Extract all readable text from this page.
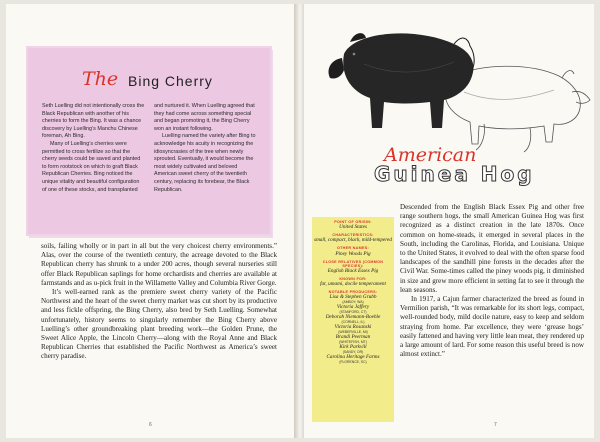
The Bing Cherry

Seth Luelling did not intentionally cross the Black Republican with another of his cherries to form the Bing. It was a chance discovery by Luelling’s Manchu Chinese foreman, Ah Bing.

Many of Luelling’s cherries were permitted to cross fertilize so that the cherry seeds could be saved and planted to form rootstock on which to graft Black Republican Cherries. Bing noticed the unique vitality and beautiful configuration of one of these stocks, and transplanted

and nurtured it. When Luelling agreed that they had come across something special and began promoting it, the Bing Cherry won an instant following.

Luelling named the variety after Bing to acknowledge his acuity in recognizing the idiosyncrasies of the tree when newly sprouted. Eventually, it would become the most widely cultivated and beloved American sweet cherry of the twentieth century, replacing its forebear, the Black Republican.

soils, failing wholly or in part in all but the very choicest cherry environments.” Alas, over the course of the twentieth century, the acreage devoted to the Black Republican cherry has shrunk to a under 200 acres, though several nurseries still offer Black Republican saplings for home orchardists and cherries are available at farmstands and as u-pick fruit in the Willamette Valley and Columbia River Gorge.

It’s well-earned rank as the premiere sweet cherry variety of the Pacific Northwest and the heart of the sweet cherry market was cut short by its productive and less fickle offspring, the Bing Cherry, also bred by Seth Luelling. Somewhat unfortunately, history seems to singularly remember the Bing Cherry above Luelling’s other groundbreaking plant breeding work—the Golden Prune, the Sweet Alice Apple, the Lincoln Cherry—along with the Royal Anne and Black Republican Cherries that established the Pacific Northwest as America’s sweet cherry paradise.

6
American
Guinea Hog
POINT OF ORIGIN:
United States
CHARACTERISTICS:
small, compact, black, mild-tempered
OTHER NAMES:
Piney Woods Pig
CLOSE RELATIVES (COMMON SPECIES):
English Black Essex Pig
KNOWN FOR:
fat, umami, docile temperament
NOTABLE PRODUCERS:
Lisa & Stephen Grubb
(AMBOY, WA)
Victoria Jaffery
(STANFORD, CT)
Deborah Niemann-Boehle
(CORNELL, IL)
Victoria Rosanski
(WEBERVILLE, MI)
Brandi Peerman
(WHITEFISH, MT)
Kirk Parkvill
(SANDY, OR)
Carolina Heritage Farms
(FLORENCE, SC)

Descended from the English Black Essex Pig and other free range southern hogs, the small American Guinea Hog was first recognized as a distinct creation in the late 1870s. Once common on home-steads, it emerged in several places in the South, including the Carolinas, Florida, and Louisiana. Unique to the United States, it evolved to deal with the often sparse food landscapes of the sandhill pine forests in the decades after the Civil War. Some-times called the piney woods pig, it diminished in size and grew more efficient in setting fat to see it through the lean seasons.

In 1917, a Cajun farmer characterized the breed as found in Vermilion parish, “It was remarkable for its short legs, compact, well-rounded body, mild docile nature, easy to keep and seldom straying from home. Par excellence, they were ‘grease hogs’ easily fattened and having very little lean meat, they rendered up a large amount of lard. For some reason this useful breed is now almost extinct.”

7
